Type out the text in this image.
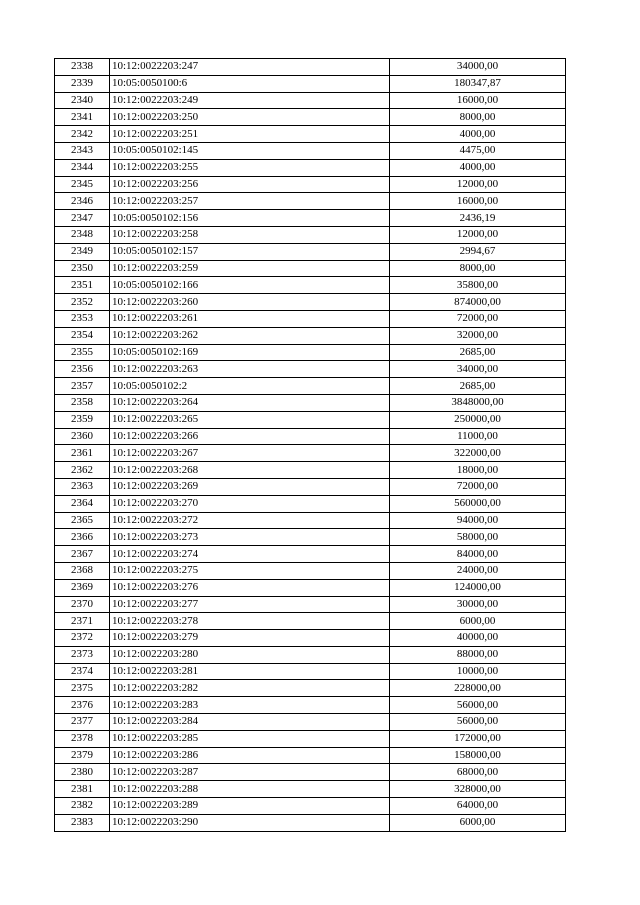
2338	10:12:0022203:247	34000,00
2339	10:05:0050100:6	180347,87
2340	10:12:0022203:249	16000,00
2341	10:12:0022203:250	8000,00
2342	10:12:0022203:251	4000,00
2343	10:05:0050102:145	4475,00
2344	10:12:0022203:255	4000,00
2345	10:12:0022203:256	12000,00
2346	10:12:0022203:257	16000,00
2347	10:05:0050102:156	2436,19
2348	10:12:0022203:258	12000,00
2349	10:05:0050102:157	2994,67
2350	10:12:0022203:259	8000,00
2351	10:05:0050102:166	35800,00
2352	10:12:0022203:260	874000,00
2353	10:12:0022203:261	72000,00
2354	10:12:0022203:262	32000,00
2355	10:05:0050102:169	2685,00
2356	10:12:0022203:263	34000,00
2357	10:05:0050102:2	2685,00
2358	10:12:0022203:264	3848000,00
2359	10:12:0022203:265	250000,00
2360	10:12:0022203:266	11000,00
2361	10:12:0022203:267	322000,00
2362	10:12:0022203:268	18000,00
2363	10:12:0022203:269	72000,00
2364	10:12:0022203:270	560000,00
2365	10:12:0022203:272	94000,00
2366	10:12:0022203:273	58000,00
2367	10:12:0022203:274	84000,00
2368	10:12:0022203:275	24000,00
2369	10:12:0022203:276	124000,00
2370	10:12:0022203:277	30000,00
2371	10:12:0022203:278	6000,00
2372	10:12:0022203:279	40000,00
2373	10:12:0022203:280	88000,00
2374	10:12:0022203:281	10000,00
2375	10:12:0022203:282	228000,00
2376	10:12:0022203:283	56000,00
2377	10:12:0022203:284	56000,00
2378	10:12:0022203:285	172000,00
2379	10:12:0022203:286	158000,00
2380	10:12:0022203:287	68000,00
2381	10:12:0022203:288	328000,00
2382	10:12:0022203:289	64000,00
2383	10:12:0022203:290	6000,00
